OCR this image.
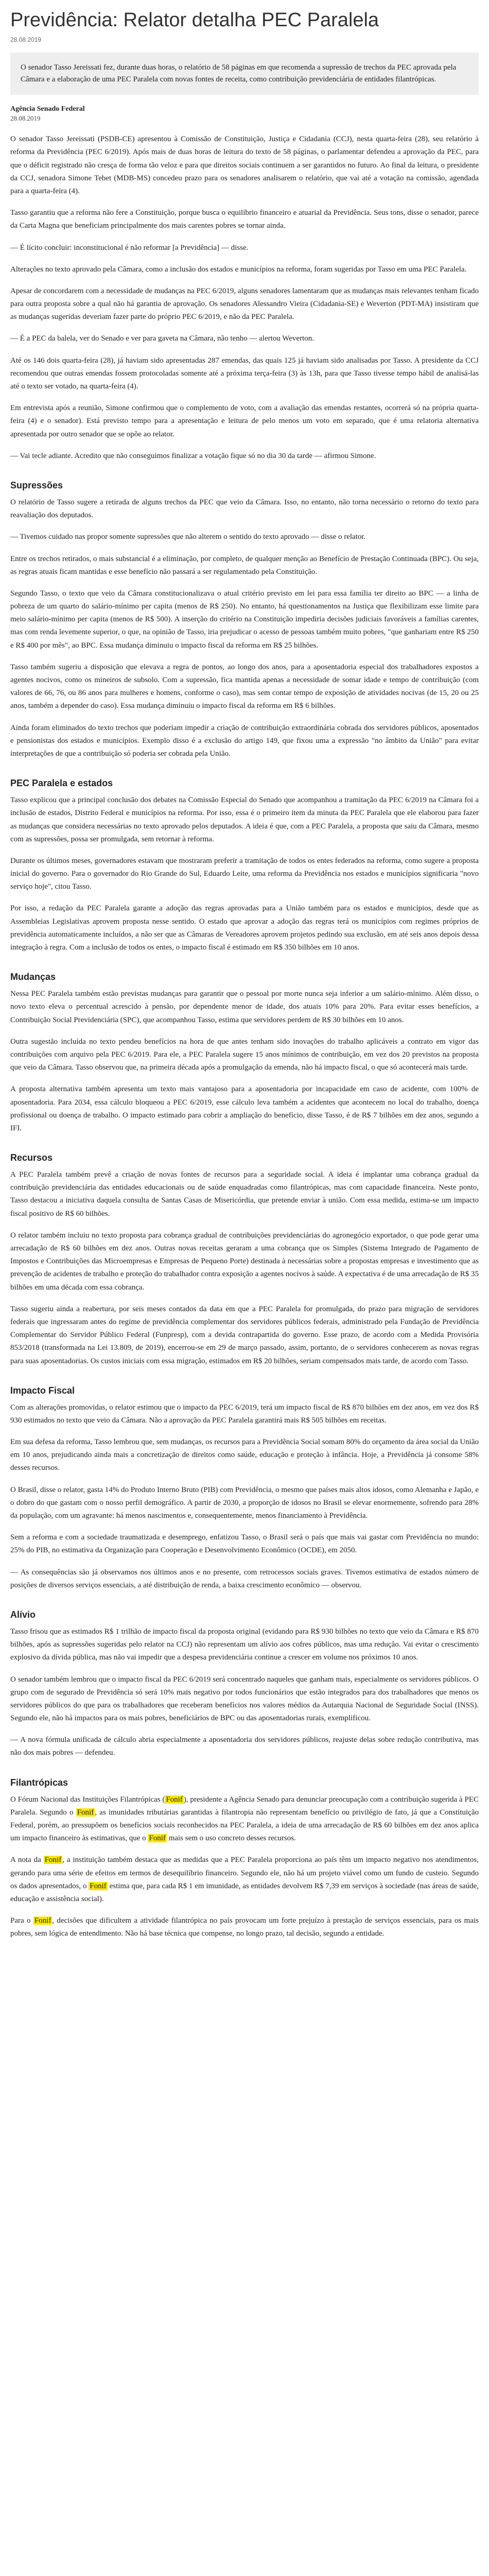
Previdência: Relator detalha PEC Paralela
28.08.2019
O senador Tasso Jereissati fez, durante duas horas, o relatório de 58 páginas em que recomenda a supressão de trechos da PEC aprovada pela Câmara e a elaboração de uma PEC Paralela com novas fontes de receita, como contribuição previdenciária de entidades filantrópicas.
Agência Senado Federal
28.08.2019

O senador Tasso Jereissati (PSDB-CE) apresentou à Comissão de Constituição, Justiça e Cidadania (CCJ), nesta quarta-feira (28), seu relatório à reforma da Previdência (PEC 6/2019). Após mais de duas horas de leitura do texto de 58 páginas, o parlamentar defendeu a aprovação da PEC, para que o déficit registrado não cresça de forma tão veloz e para que direitos sociais continuem a ser garantidos no futuro. Ao final da leitura, o presidente da CCJ, senadora Simone Tebet (MDB-MS) concedeu prazo para os senadores analisarem o relatório, que vai até a votação na comissão, agendada para a quarta-feira (4).

Tasso garantiu que a reforma não fere a Constituição, porque busca o equilíbrio financeiro e atuarial da Previdência. Seus tons, disse o senador, parece da Carta Magna que beneficiam principalmente dos mais carentes pobres se tornar ainda.

— É lícito concluir: inconstitucional é não reformar [a Previdência] — disse.

Alterações no texto aprovado pela Câmara, como a inclusão dos estados e municípios na reforma, foram sugeridas por Tasso em uma PEC Paralela.

Apesar de concordarem com a necessidade de mudanças na PEC 6/2019, alguns senadores lamentaram que as mudanças mais relevantes tenham ficado para outra proposta sobre a qual não há garantia de aprovação. Os senadores Alessandro Vieira (Cidadania-SE) e Weverton (PDT-MA) insistiram que as mudanças sugeridas deveriam fazer parte do próprio PEC 6/2019, e não da PEC Paralela.

— É a PEC da balela, ver do Senado e ver para gaveta na Câmara, não tenho — alertou Weverton.

Até os 146 dois quarta-feira (28), já haviam sido apresentadas 287 emendas, das quais 125 já haviam sido analisadas por Tasso. A presidente da CCJ recomendou que outras emendas fossem protocoladas somente até a próxima terça-feira (3) às 13h, para que Tasso tivesse tempo hábil de analisá-las até o texto ser votado, na quarta-feira (4).

Em entrevista após a reunião, Simone confirmou que o complemento de voto, com a avaliação das emendas restantes, ocorrerá só na própria quarta-feira (4) e o senador). Está previsto tempo para a apresentação e leitura de pelo menos um voto em separado, que é uma relatoria alternativa apresentada por outro senador que se opõe ao relator.

— Vai tecle adiante. Acredito que não conseguimos finalizar a votação fique só no dia 30 da tarde — afirmou Simone.

Supressões

O relatório de Tasso sugere a retirada de alguns trechos da PEC que veio da Câmara. Isso, no entanto, não torna necessário o retorno do texto para reavaliação dos deputados.

— Tivemos cuidado nas propor somente supressões que não alterem o sentido do texto aprovado — disse o relator.

Entre os trechos retirados, o mais substancial é a eliminação, por completo, de qualquer menção ao Benefício de Prestação Continuada (BPC). Ou seja, as regras atuais ficam mantidas e esse benefício não passará a ser regulamentado pela Constituição.

Segundo Tasso, o texto que veio da Câmara constitucionalizava o atual critério previsto em lei para essa família ter direito ao BPC — a linha de pobreza de um quarto do salário-mínimo per capita (menos de R$ 250). No entanto, há questionamentos na Justiça que flexibilizam esse limite para meio salário-mínimo per capita (menos de R$ 500). A inserção do critério na Constituição impediria decisões judiciais favoráveis a famílias carentes, mas com renda levemente superior, o que, na opinião de Tasso, iria prejudicar o acesso de pessoas também muito pobres, "que ganhariam entre R$ 250 e R$ 400 por mês", ao BPC. Essa mudança diminuiu o impacto fiscal da reforma em R$ 25 bilhões.

Tasso também sugeriu a disposição que elevava a regra de pontos, ao longo dos anos, para a aposentadoria especial dos trabalhadores expostos a agentes nocivos, como os mineiros de subsolo. Com a supressão, fica mantida apenas a necessidade de somar idade e tempo de contribuição (com valores de 66, 76, ou 86 anos para mulheres e homens, conforme o caso), mas sem contar tempo de exposição de atividades nocivas (de 15, 20 ou 25 anos, também a depender do caso). Essa mudança diminuiu o impacto fiscal da reforma em R$ 6 bilhões.

Ainda foram eliminados do texto trechos que poderiam impedir a criação de contribuição extraordinária cobrada dos servidores públicos, aposentados e pensionistas dos estados e municípios. Exemplo disso é a exclusão do artigo 149, que fixou uma a expressão "no âmbito da União" para evitar interpretações de que a contribuição só poderia ser cobrada pela União.

PEC Paralela e estados

Tasso explicou que a principal conclusão dos debates na Comissão Especial do Senado que acompanhou a tramitação da PEC 6/2019 na Câmara foi a inclusão de estados, Distrito Federal e municípios na reforma. Por isso, essa é o primeiro item da minuta da PEC Paralela que ele elaborou para fazer as mudanças que considera necessárias no texto aprovado pelos deputados. A ideia é que, com a PEC Paralela, a proposta que saiu da Câmara, mesmo com as supressões, possa ser promulgada, sem retornar à reforma.

Durante os últimos meses, governadores estavam que mostraram preferir a tramitação de todos os entes federados na reforma, como sugere a proposta inicial do governo. Para o governador do Rio Grande do Sul, Eduardo Leite, uma reforma da Previdência nos estados e municípios significaria "novo serviço hoje", citou Tasso.

Por isso, a redação da PEC Paralela garante a adoção das regras aprovadas para a União também para os estados e municípios, desde que as Assembleias Legislativas aprovem proposta nesse sentido. O estado que aprovar a adoção das regras terá os municípios com regimes próprios de previdência automaticamente incluídos, a não ser que as Câmaras de Vereadores aprovem projetos pedindo sua exclusão, em até seis anos depois dessa integração à regra. Com a inclusão de todos os entes, o impacto fiscal é estimado em R$ 350 bilhões em 10 anos.

Mudanças

Nessa PEC Paralela também estão previstas mudanças para garantir que o pessoal por morte nunca seja inferior a um salário-mínimo. Além disso, o novo texto eleva o percentual acrescido à pensão, por dependente menor de idade, dos atuais 10% para 20%. Para evitar esses benefícios, a Contribuição Social Previdenciária (SPC), que acompanhou Tasso, estima que servidores perdem de R$ 30 bilhões em 10 anos.

Outra sugestão incluída no texto pendeu benefícios na hora de que antes tenham sido inovações do trabalho aplicáveis a contrato em vigor das contribuições com arquivo pela PEC 6/2019. Para ele, a PEC Paralela sugere 15 anos mínimos de contribuição, em vez dos 20 previstos na proposta que veio da Câmara. Tasso observou que, na primeira década após a promulgação da emenda, não há impacto fiscal, o que só acontecerá mais tarde.

A proposta alternativa também apresenta um texto mais vantajoso para a aposentadoria por incapacidade em caso de acidente, com 100% de aposentadoria. Para 2034, essa cálculo bloqueou a PEC 6/2019, esse cálculo leva também a acidentes que acontecem no local do trabalho, doença profissional ou doença de trabalho. O impacto estimado para cobrir a ampliação do benefício, disse Tasso, é de R$ 7 bilhões em dez anos, segundo a IFI.

Recursos

A PEC Paralela também prevê a criação de novas fontes de recursos para a seguridade social. A ideia é implantar uma cobrança gradual da contribuição previdenciária das entidades educacionais ou de saúde enquadradas como filantrópicas, mas com capacidade financeira. Neste ponto, Tasso destacou a iniciativa daquela consulta de Santas Casas de Misericórdia, que pretende enviar à união. Com essa medida, estima-se um impacto fiscal positivo de R$ 60 bilhões.

O relator também incluiu no texto proposta para cobrança gradual de contribuições previdenciárias do agronegócio exportador, o que pode gerar uma arrecadação de R$ 60 bilhões em dez anos. Outras novas receitas geraram a uma cobrança que os Simples (Sistema Integrado de Pagamento de Impostos e Contribuições das Microempresas e Empresas de Pequeno Porte) destinada à necessárias sobre a propostas empresas e investimento que as prevenção de acidentes de trabalho e proteção do trabalhador contra exposição a agentes nocivos à saúde. A expectativa é de uma arrecadação de R$ 35 bilhões em uma década com essa cobrança.

Tasso sugeriu ainda a reabertura, por seis meses contados da data em que a PEC Paralela for promulgada, do prazo para migração de servidores federais que ingressaram antes do regime de previdência complementar dos servidores públicos federais, administrado pela Fundação de Previdência Complementar do Servidor Público Federal (Funpresp), com a devida contrapartida do governo. Esse prazo, de acordo com a Medida Provisória 853/2018 (transformada na Lei 13.809, de 2019), encerrou-se em 29 de março passado, assim, portanto, de o servidores conhecerem as novas regras para suas aposentadorias. Os custos iniciais com essa migração, estimados em R$ 20 bilhões, seriam compensados mais tarde, de acordo com Tasso.

Impacto Fiscal

Com as alterações promovidas, o relator estimou que o impacto da PEC 6/2019, terá um impacto fiscal de R$ 870 bilhões em dez anos, em vez dos R$ 930 estimados no texto que veio da Câmara. Não a aprovação da PEC Paralela garantirá mais R$ 505 bilhões em receitas.

Em sua defesa da reforma, Tasso lembrou que, sem mudanças, os recursos para a Previdência Social somam 80% do orçamento da área social da União em 10 anos, prejudicando ainda mais a concretização de direitos como saúde, educação e proteção à infância. Hoje, a Previdência já consome 58% desses recursos.

O Brasil, disse o relator, gasta 14% do Produto Interno Bruto (PIB) com Previdência, o mesmo que países mais altos idosos, como Alemanha e Japão, e o dobro do que gastam com o nosso perfil demográfico. A partir de 2030, a proporção de idosos no Brasil se elevar enormemente, sofrendo para 28% da população, com um agravante: há menos nascimentos e, consequentemente, menos financiamento à Previdência.

Sem a reforma e com a sociedade traumatizada e desemprego, enfatizou Tasso, o Brasil será o país que mais vai gastar com Previdência no mundo: 25% do PIB, no estimativa da Organização para Cooperação e Desenvolvimento Econômico (OCDE), em 2050.

— As consequências são já observamos nos últimos anos e no presente, com retrocessos sociais graves. Tivemos estimativa de estados número de posições de diversos serviços essenciais, a até distribuição de renda, a baixa crescimento econômico — observou.

Alívio

Tasso frisou que as estimados R$ 1 trilhão de impacto fiscal da proposta original (evidando para R$ 930 bilhões no texto que veio da Câmara e R$ 870 bilhões, após as supressões sugeridas pelo relator na CCJ) não representam um alívio aos cofres públicos, mas uma redução. Vai evitar o crescimento explosivo da dívida pública, mas não vai impedir que a despesa previdenciária continue a crescer em volume nos próximos 10 anos.

O senador também lembrou que o impacto fiscal da PEC 6/2019 será concentrado naqueles que ganham mais, especialmente os servidores públicos. O grupo com de segurado de Previdência só será 10% mais negativo por todos funcionários que estão integrados para dos trabalhadores que menos os servidores públicos do que para os trabalhadores que receberam benefícios nos valores médios da Autarquia Nacional de Seguridade Social (INSS). Segundo ele, não há impactos para os mais pobres, beneficiários de BPC ou das aposentadorias rurais, exemplificou.

— A nova fórmula unificada de cálculo abria especialmente a aposentadoria dos servidores públicos, reajuste delas sobre redução contributiva, mas não dos mais pobres — defendeu.

Filantrópicas

O Fórum Nacional das Instituições Filantrópicas ( Fonif ), presidente a Agência Senado para denunciar preocupação com a contribuição sugerida à PEC Paralela. Segundo o Fonif , as imunidades tributárias garantidas à filantropia não representam benefício ou privilégio de fato, já que a Constituição Federal, porém, ao pressupõem os benefícios sociais reconhecidos na PEC Paralela, a ideia de uma arrecadação de R$ 60 bilhões em dez anos aplica um impacto financeiro às estimativas, que o Fonif mais sem o uso concreto desses recursos.

A nota da Fonif , a instituição também destaca que as medidas que a PEC Paralela proporciona ao país têm um impacto negativo nos atendimentos, gerando para uma série de efeitos em termos de desequilíbrio financeiro. Segundo ele, não há um projeto viável como um fundo de custeio. Segundo os dados apresentados, o Fonif estima que, para cada R$ 1 em imunidade, as entidades devolvem R$ 7,39 em serviços à sociedade (nas áreas de saúde, educação e assistência social).

Para o Fonif , decisões que dificultem a atividade filantrópica no país provocam um forte prejuízo à prestação de serviços essenciais, para os mais pobres, sem lógica de entendimento. Não há base técnica que compense, no longo prazo, tal decisão, segundo a entidade.
